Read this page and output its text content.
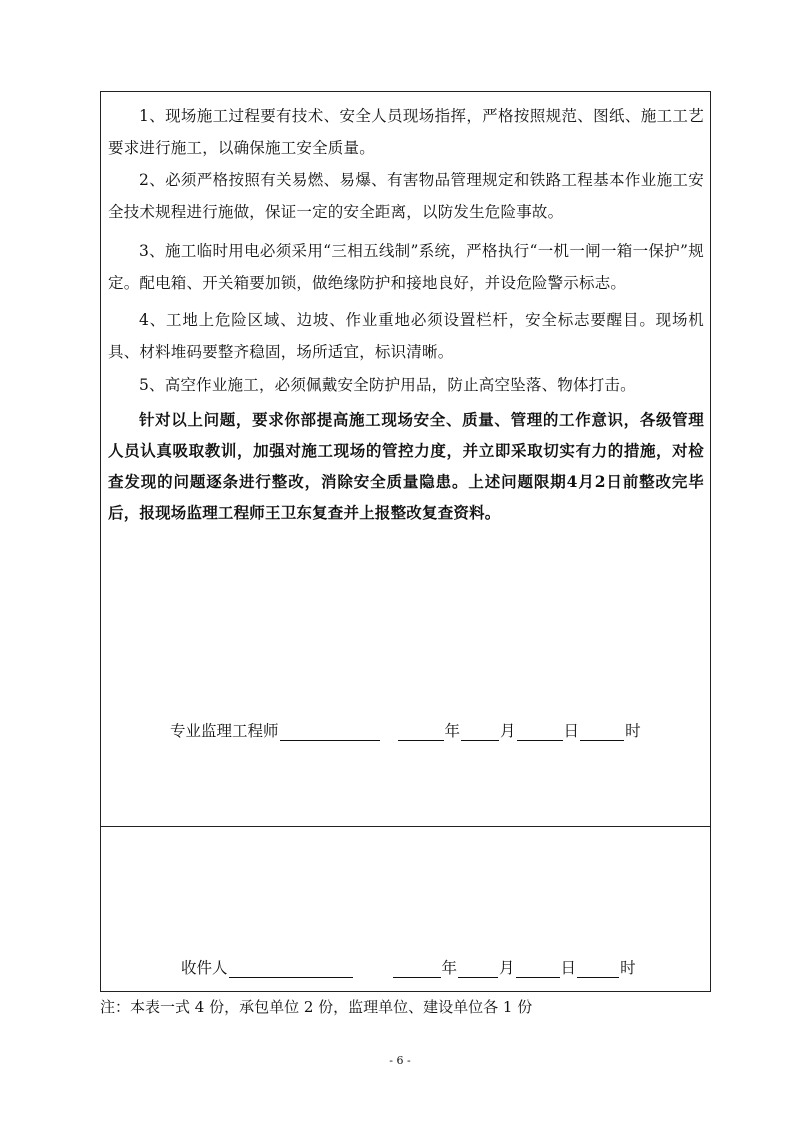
1、现场施工过程要有技术、安全人员现场指挥，严格按照规范、图纸、施工工艺要求进行施工，以确保施工安全质量。

2、必须严格按照有关易燃、易爆、有害物品管理规定和铁路工程基本作业施工安全技术规程进行施做，保证一定的安全距离，以防发生危险事故。

3、施工临时用电必须采用“三相五线制”系统，严格执行“一机一闸一箱一保护”规定。配电箱、开关箱要加锁，做绝缘防护和接地良好，并设危险警示标志。

4、工地上危险区域、边坡、作业重地必须设置栏杆，安全标志要醒目。现场机具、材料堆码要整齐稳固，场所适宜，标识清晰。

5、高空作业施工，必须佩戴安全防护用品，防止高空坠落、物体打击。

针对以上问题，要求你部提高施工现场安全、质量、管理的工作意识，各级管理人员认真吸取教训，加强对施工现场的管控力度，并立即采取切实有力的措施，对检查发现的问题逐条进行整改，消除安全质量隐患。上述问题限期4月2日前整改完毕后，报现场监理工程师王卫东复查并上报整改复查资料。

专业监理工程师	年	月	日	时
收件人	年	月	日	时
注：本表一式 4 份，承包单位 2 份，监理单位、建设单位各 1 份
- 6 -
